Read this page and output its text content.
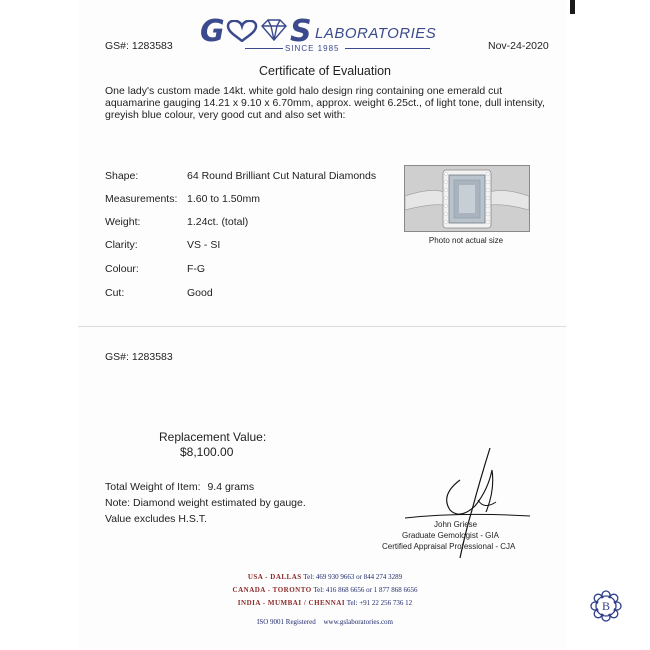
GS#: 1283583	Nov-24-2020
G S LABORATORIES
SINCE 1985
Certificate of Evaluation
One lady's custom made 14kt. white gold halo design ring containing one emerald cut aquamarine gauging 14.21 x 9.10 x 6.70mm, approx. weight 6.25ct., of light tone, dull intensity, greyish blue colour, very good cut and also set with:
Shape:	64 Round Brilliant Cut Natural Diamonds
Measurements: 1.60 to 1.50mm
Weight:	1.24ct. (total)
Clarity:	VS - SI
Colour:	F-G
Cut:	Good
Photo not actual size
GS#: 1283583
Replacement Value:
$8,100.00
Total Weight of Item: 9.4 grams
Note: Diamond weight estimated by gauge.
Value excludes H.S.T.	John Griese
Graduate Gemologist - GIA
Certified Appraisal Professional - CJA
USA - DALLAS Tel: 469 930 9663 or 844 274 3289
CANADA - TORONTO Tel: 416 868 6656 or 1 877 868 6656
INDIA - MUMBAI / CHENNAI Tel: +91 22 256 736 12
ISO 9001 Registered www.gslaboratories.com
B
